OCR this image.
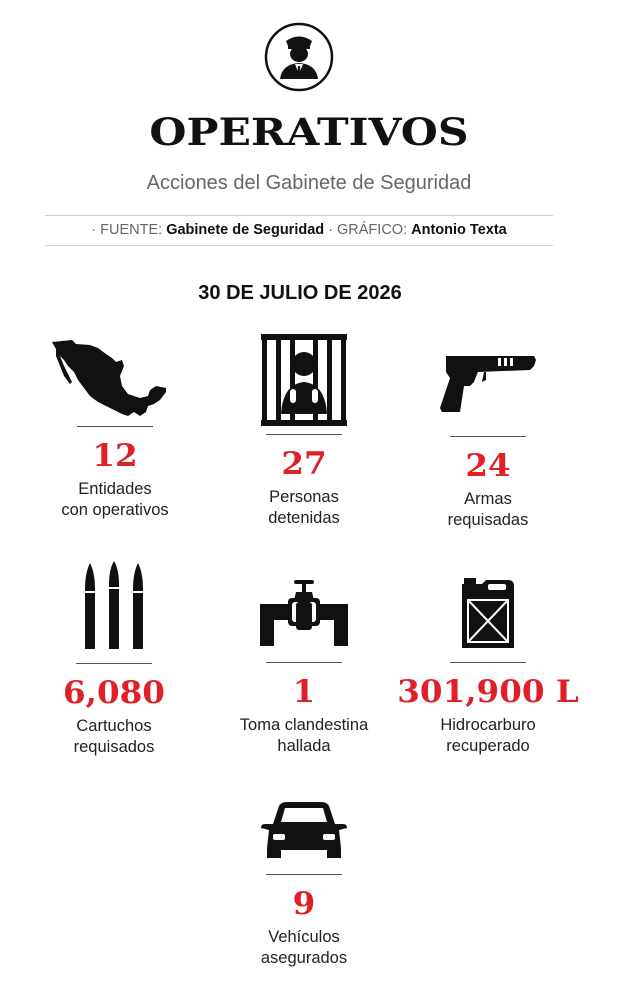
OPERATIVOS
Acciones del Gabinete de Seguridad
· FUENTE: Gabinete de Seguridad · GRÁFICO: Antonio Texta
30 DE JULIO DE 2026
12
Entidades
con operativos
27
Personas
detenidas
24
Armas
requisadas
6,080
Cartuchos
requisados
1
Toma clandestina
hallada
301,900 L
Hidrocarburo
recuperado
9
Vehículos
asegurados
